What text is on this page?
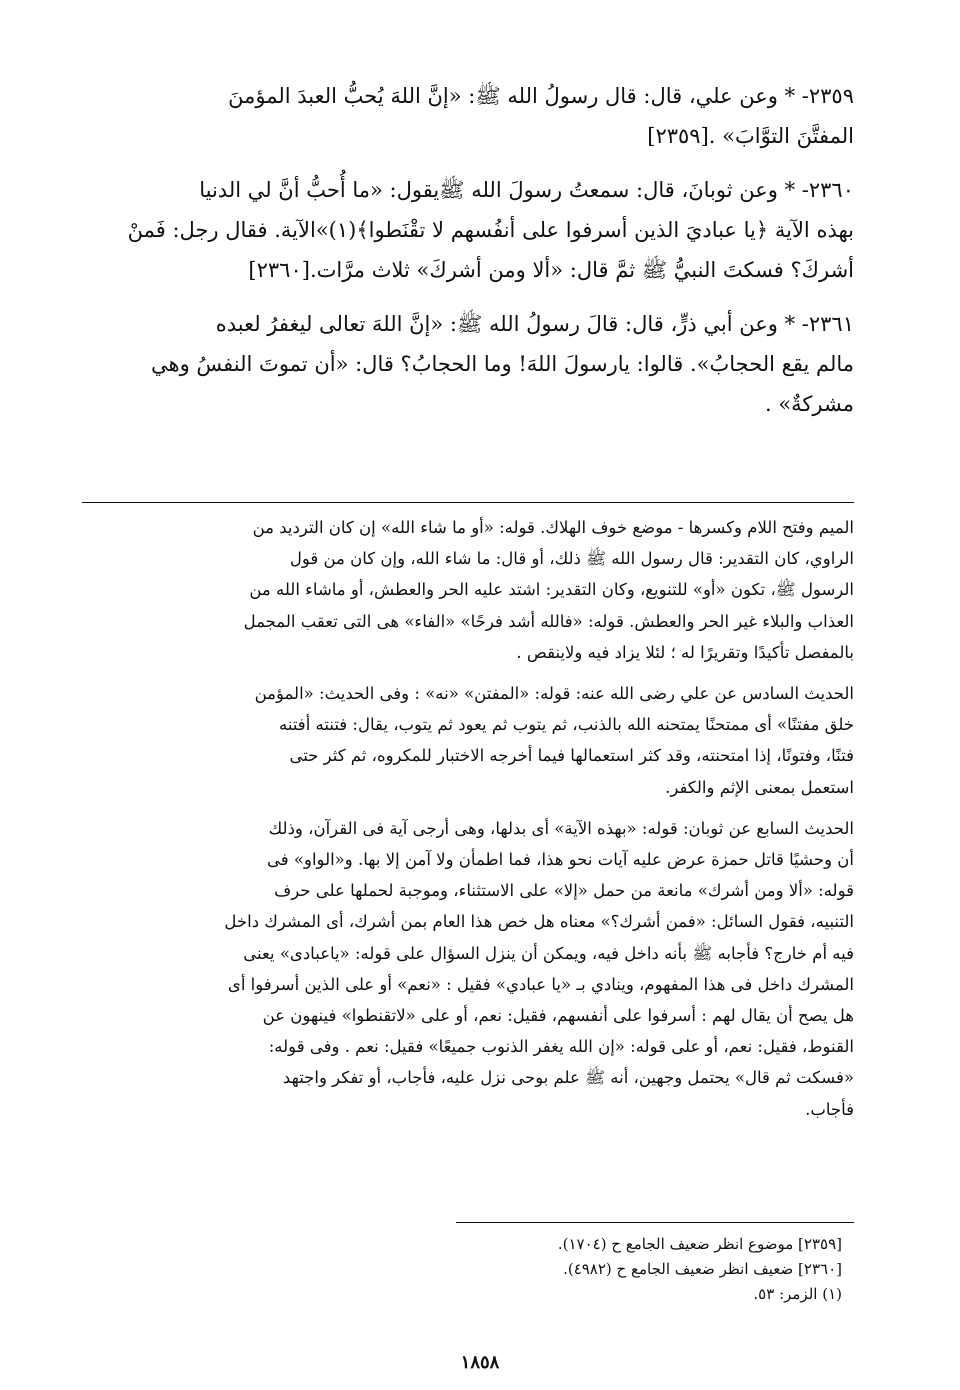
٢٣٥٩- * وعن علي، قال: قال رسولُ الله ﷺ: «إنَّ اللهَ يُحبُّ العبدَ المؤمنَ

المفتَّنَ التوَّابَ» .[٢٣٥٩]

٢٣٦٠- * وعن ثوبانَ، قال: سمعتُ رسولَ الله ﷺيقول: «ما أُحبُّ أنَّ لي الدنيا

بهذه الآية ﴿يا عباديَ الذين أسرفوا على أنفُسهم لا تقْنَطوا﴾(١)»الآية. فقال رجل: فَمنْ

أشركَ؟ فسكتَ النبيُّ ﷺ ثمَّ قال: «ألا ومن أشركَ» ثلاث مرَّات.[٢٣٦٠]

٢٣٦١- * وعن أبي ذرٍّ، قال: قالَ رسولُ الله ﷺ: «إنَّ اللهَ تعالى ليغفرُ لعبده

مالم يقع الحجابُ». قالوا: يارسولَ اللهَ! وما الحجابُ؟ قال: «أن تموتَ النفسُ وهي

مشركةٌ» .

الميم وفتح اللام وكسرها - موضع خوف الهلاك. قوله: «أو ما شاء الله» إن كان الترديد من
الراوي، كان التقدير: قال رسول الله ﷺ ذلك، أو قال: ما شاء الله، وإن كان من قول
الرسول ﷺ، تكون «أو» للتنويع، وكان التقدير: اشتد عليه الحر والعطش، أو ماشاء الله من
العذاب والبلاء غير الحر والعطش. قوله: «فالله أشد فرحًا» «الفاء» هى التى تعقب المجمل
بالمفصل تأكيدًا وتقريرًا له ؛ لئلا يزاد فيه ولاينقص .
الحديث السادس عن علي رضى الله عنه: قوله: «المفتن» «نه» : وفى الحديث: «المؤمن
خلق مفتنًا» أى ممتحنًا يمتحنه الله بالذنب، ثم يتوب ثم يعود ثم يتوب، يقال: فتنته أفتنه
فتنًا، وفتونًا، إذا امتحنته، وقد كثر استعمالها فيما أخرجه الاختبار للمكروه، ثم كثر حتى
استعمل بمعنى الإثم والكفر.
الحديث السابع عن ثوبان: قوله: «بهذه الآية» أى بدلها، وهى أرجى آية فى القرآن، وذلك
أن وحشيًا قاتل حمزة عرض عليه آيات نحو هذا، فما اطمأن ولا آمن إلا بها. و«الواو» فى
قوله: «ألا ومن أشرك» مانعة من حمل «إلا» على الاستثناء، وموجبة لحملها على حرف
التنبيه، فقول السائل: «فمن أشرك؟» معناه هل خص هذا العام بمن أشرك، أى المشرك داخل
فيه أم خارج؟ فأجابه ﷺ بأنه داخل فيه، ويمكن أن ينزل السؤال على قوله: «ياعبادى» يعنى
المشرك داخل فى هذا المفهوم، وينادي بـ «يا عبادي» فقيل : «نعم» أو على الذين أسرفوا أى
هل يصح أن يقال لهم : أسرفوا على أنفسهم، فقيل: نعم، أو على «لاتقنطوا» فينهون عن
القنوط، فقيل: نعم، أو على قوله: «إن الله يغفر الذنوب جميعًا» فقيل: نعم . وفى قوله:
«فسكت ثم قال» يحتمل وجهين، أنه ﷺ علم بوحى نزل عليه، فأجاب، أو تفكر واجتهد
فأجاب.

[٢٣٥٩] موضوع انظر ضعيف الجامع ح (١٧٠٤).

[٢٣٦٠] ضعيف انظر ضعيف الجامع ح (٤٩٨٢).

(١) الزمر: ٥٣.

١٨٥٨
